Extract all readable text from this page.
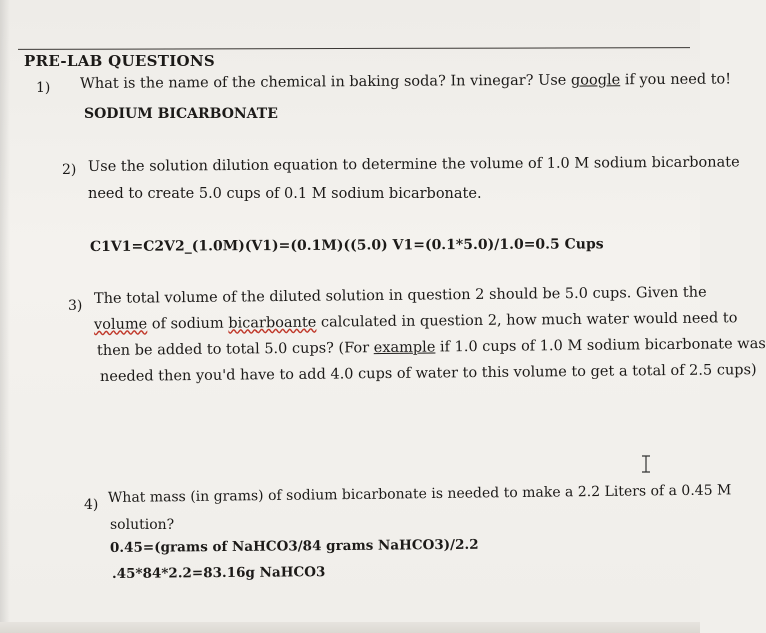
PRE-LAB QUESTIONS
1) What is the name of the chemical in baking soda? In vinegar? Use google if you need to!
SODIUM BICARBONATE
2) Use the solution dilution equation to determine the volume of 1.0 M sodium bicarbonate
need to create 5.0 cups of 0.1 M sodium bicarbonate.
C1V1=C2V2_(1.0M)(V1)=(0.1M)((5.0) V1=(0.1*5.0)/1.0=0.5 Cups
3) The total volume of the diluted solution in question 2 should be 5.0 cups. Given the
volume of sodium bicarboante calculated in question 2, how much water would need to
then be added to total 5.0 cups? (For example if 1.0 cups of 1.0 M sodium bicarbonate was
needed then you'd have to add 4.0 cups of water to this volume to get a total of 2.5 cups)
4) What mass (in grams) of sodium bicarbonate is needed to make a 2.2 Liters of a 0.45 M
solution?
0.45=(grams of NaHCO3/84 grams NaHCO3)/2.2
.45*84*2.2=83.16g NaHCO3
